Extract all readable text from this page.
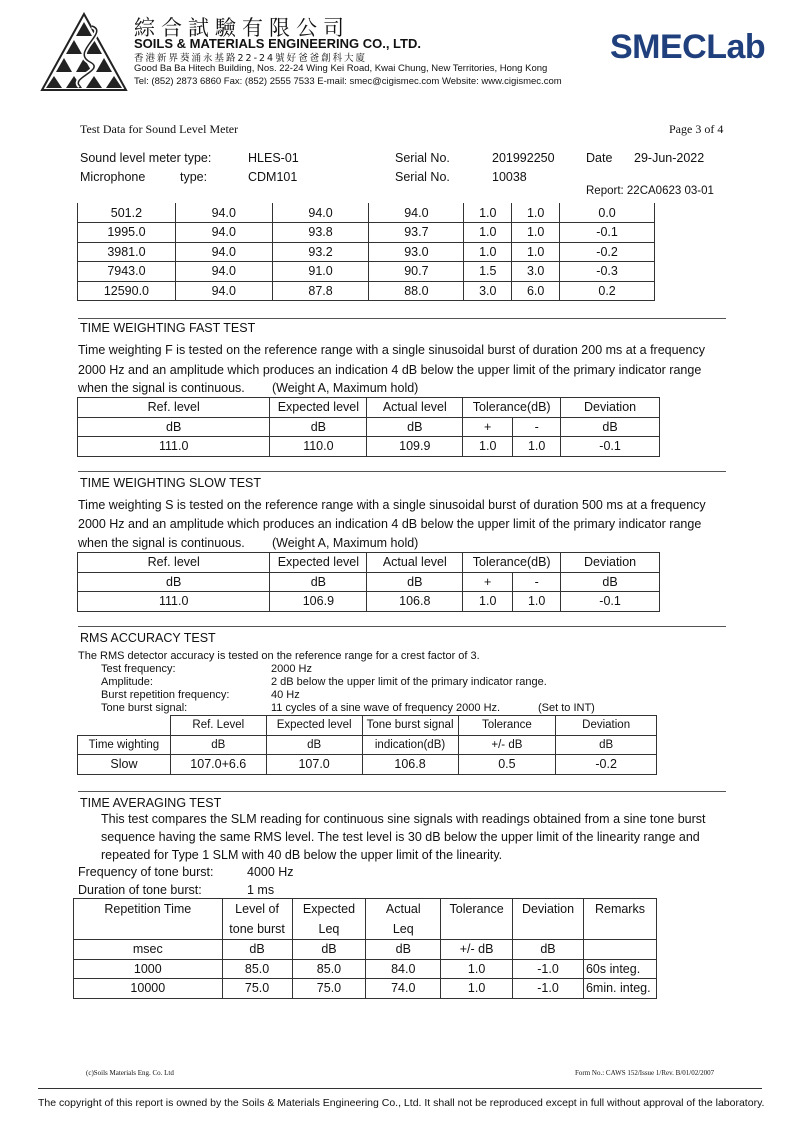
綜合試驗有限公司
SOILS & MATERIALS ENGINEERING CO., LTD.
香港新界葵涌永基路22-24號好爸爸創科大廈
Good Ba Ba Hitech Building, Nos. 22-24 Wing Kei Road, Kwai Chung, New Territories, Hong Kong
Tel: (852) 2873 6860 Fax: (852) 2555 7533 E-mail: smec@cigismec.com Website: www.cigismec.com
SMECLab
Test Data for Sound Level Meter	Page 3 of 4
Sound level meter type:	HLES-01	Serial No.	201992250	Date 29-Jun-2022
Microphone	type:	CDM101	Serial No.	10038
Report: 22CA0623 03-01
501.2	94.0	94.0	94.0	1.0	1.0	0.0
1995.0	94.0	93.8	93.7	1.0	1.0	-0.1
3981.0	94.0	93.2	93.0	1.0	1.0	-0.2
7943.0	94.0	91.0	90.7	1.5	3.0	-0.3
12590.0	94.0	87.8	88.0	3.0	6.0	0.2
TIME WEIGHTING FAST TEST
Time weighting F is tested on the reference range with a single sinusoidal burst of duration 200 ms at a frequency
2000 Hz and an amplitude which produces an indication 4 dB below the upper limit of the primary indicator range
when the signal is continuous. (Weight A, Maximum hold)
Ref. level	Expected level	Actual level	Tolerance(dB)		Deviation
dB	dB	dB	+	-	dB
111.0	110.0	109.9	1.0	1.0	-0.1
TIME WEIGHTING SLOW TEST
Time weighting S is tested on the reference range with a single sinusoidal burst of duration 500 ms at a frequency
2000 Hz and an amplitude which produces an indication 4 dB below the upper limit of the primary indicator range
when the signal is continuous. (Weight A, Maximum hold)
Ref. level	Expected level	Actual level	Tolerance(dB)		Deviation
dB	dB	dB	+	-	dB
111.0	106.9	106.8	1.0	1.0	-0.1
RMS ACCURACY TEST
The RMS detector accuracy is tested on the reference range for a crest factor of 3.
Test frequency:	2000 Hz
Amplitude:	2 dB below the upper limit of the primary indicator range.
Burst repetition frequency:	40 Hz
Tone burst signal:	11 cycles of a sine wave of frequency 2000 Hz.	(Set to INT)
	Ref. Level	Expected level	Tone burst signal	Tolerance	Deviation
Time wighting	dB	dB	indication(dB)	+/- dB	dB
Slow	107.0+6.6	107.0	106.8	0.5	-0.2
TIME AVERAGING TEST
This test compares the SLM reading for continuous sine signals with readings obtained from a sine tone burst
sequence having the same RMS level. The test level is 30 dB below the upper limit of the linearity range and
repeated for Type 1 SLM with 40 dB below the upper limit of the linearity.
Frequency of tone burst:	4000 Hz
Duration of tone burst:	1 ms
Repetition Time	Level of	Expected	Actual	Tolerance	Deviation	Remarks
	tone burst	Leq	Leq			
msec	dB	dB	dB	+/- dB	dB	
1000	85.0	85.0	84.0	1.0	-1.0	60s integ.
10000	75.0	75.0	74.0	1.0	-1.0	6min. integ.
(c)Soils Materials Eng. Co. Ltd	Form No.: CAWS 152/Issue 1/Rev. B/01/02/2007
The copyright of this report is owned by the Soils & Materials Engineering Co., Ltd. It shall not be reproduced except in full without approval of the laboratory.
